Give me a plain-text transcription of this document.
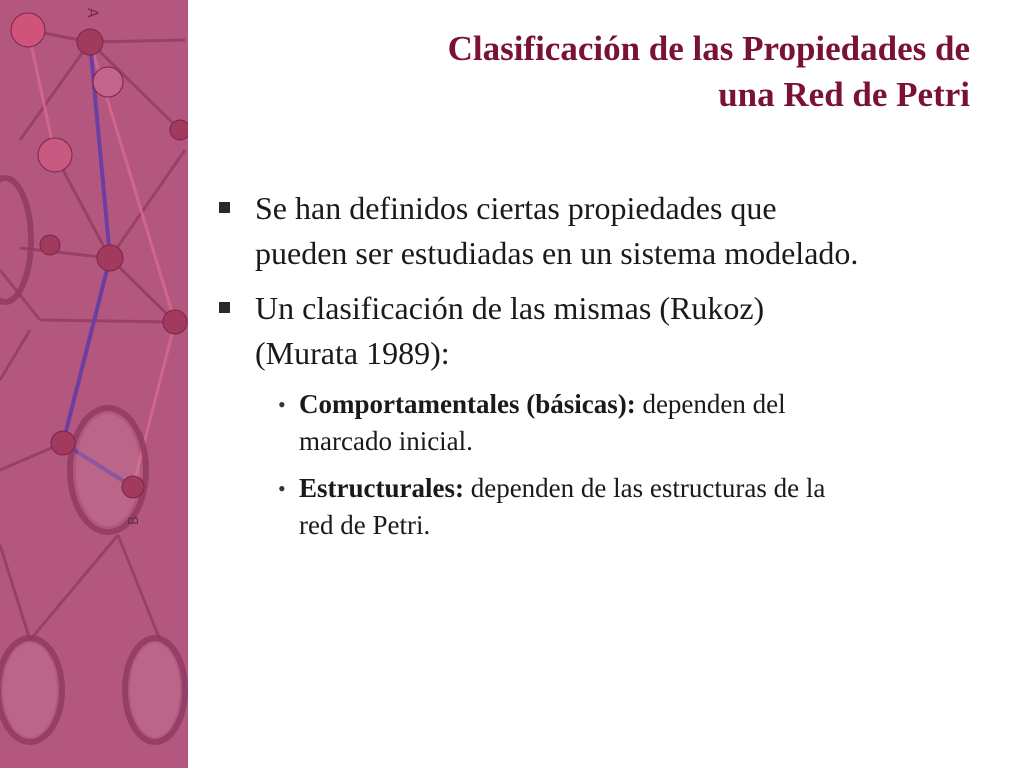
A
B
Clasificación de las Propiedades de
una Red de Petri
Se han definidos ciertas propiedades que
pueden ser estudiadas en un sistema modelado.
Un clasificación de las mismas (Rukoz)
(Murata 1989):
• Comportamentales (básicas): dependen del
marcado inicial.
• Estructurales: dependen de las estructuras de la
red de Petri.
